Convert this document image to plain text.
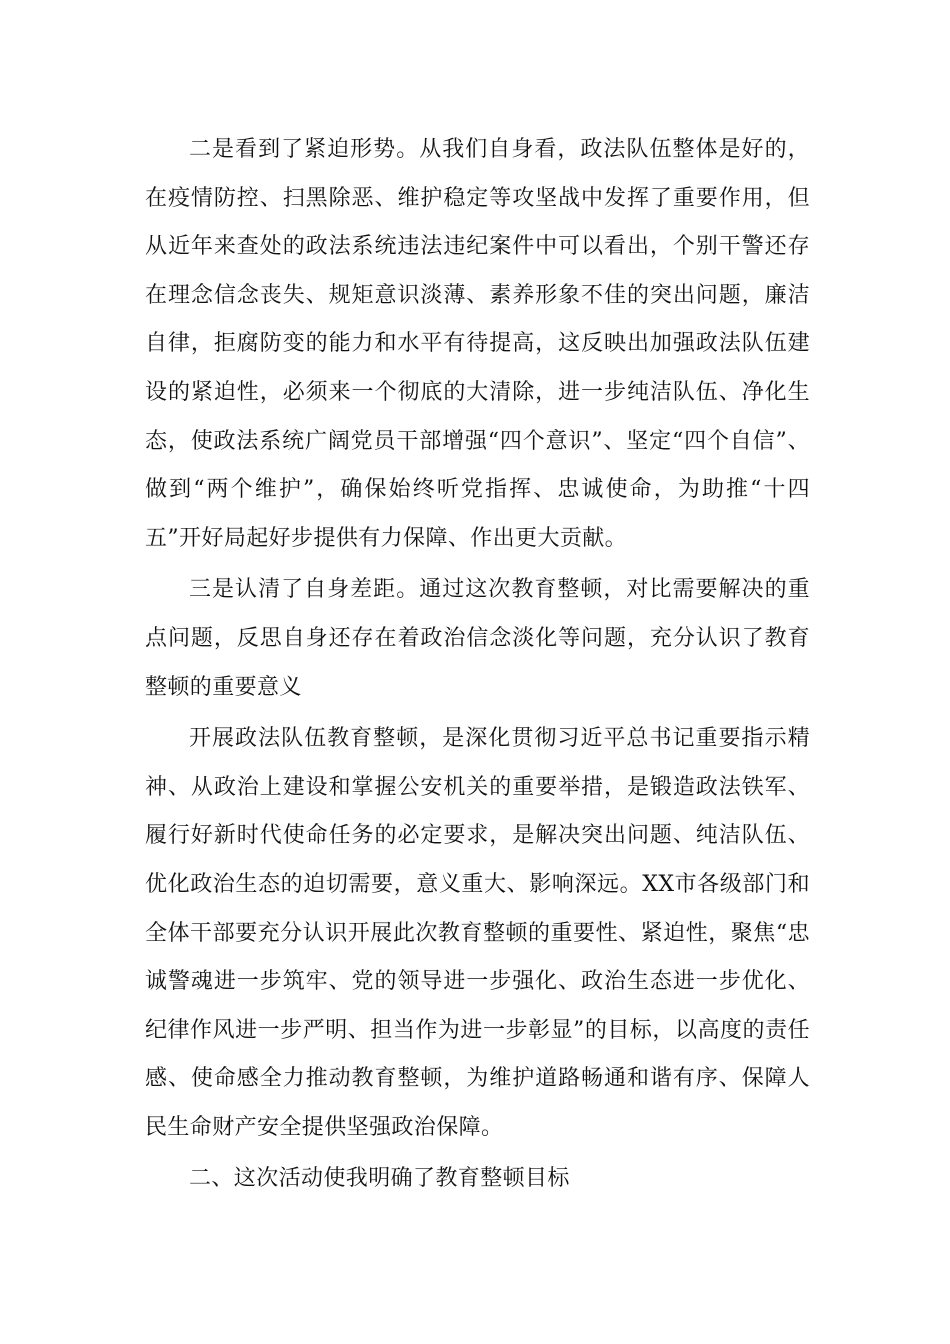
二是看到了紧迫形势。从我们自身看，政法队伍整体是好的，在疫情防控、扫黑除恶、维护稳定等攻坚战中发挥了重要作用，但从近年来查处的政法系统违法违纪案件中可以看出，个别干警还存在理念信念丧失、规矩意识淡薄、素养形象不佳的突出问题，廉洁自律，拒腐防变的能力和水平有待提高，这反映出加强政法队伍建设的紧迫性，必须来一个彻底的大清除，进一步纯洁队伍、净化生态，使政法系统广阔党员干部增强“四个意识”、坚定“四个自信”、做到“两个维护”，确保始终听党指挥、忠诚使命，为助推“十四五”开好局起好步提供有力保障、作出更大贡献。

三是认清了自身差距。通过这次教育整顿，对比需要解决的重点问题，反思自身还存在着政治信念淡化等问题，充分认识了教育整顿的重要意义

开展政法队伍教育整顿，是深化贯彻习近平总书记重要指示精神、从政治上建设和掌握公安机关的重要举措，是锻造政法铁军、履行好新时代使命任务的必定要求，是解决突出问题、纯洁队伍、优化政治生态的迫切需要，意义重大、影响深远。XX市各级部门和全体干部要充分认识开展此次教育整顿的重要性、紧迫性，聚焦“忠诚警魂进一步筑牢、党的领导进一步强化、政治生态进一步优化、纪律作风进一步严明、担当作为进一步彰显”的目标，以高度的责任感、使命感全力推动教育整顿，为维护道路畅通和谐有序、保障人民生命财产安全提供坚强政治保障。

二、这次活动使我明确了教育整顿目标
